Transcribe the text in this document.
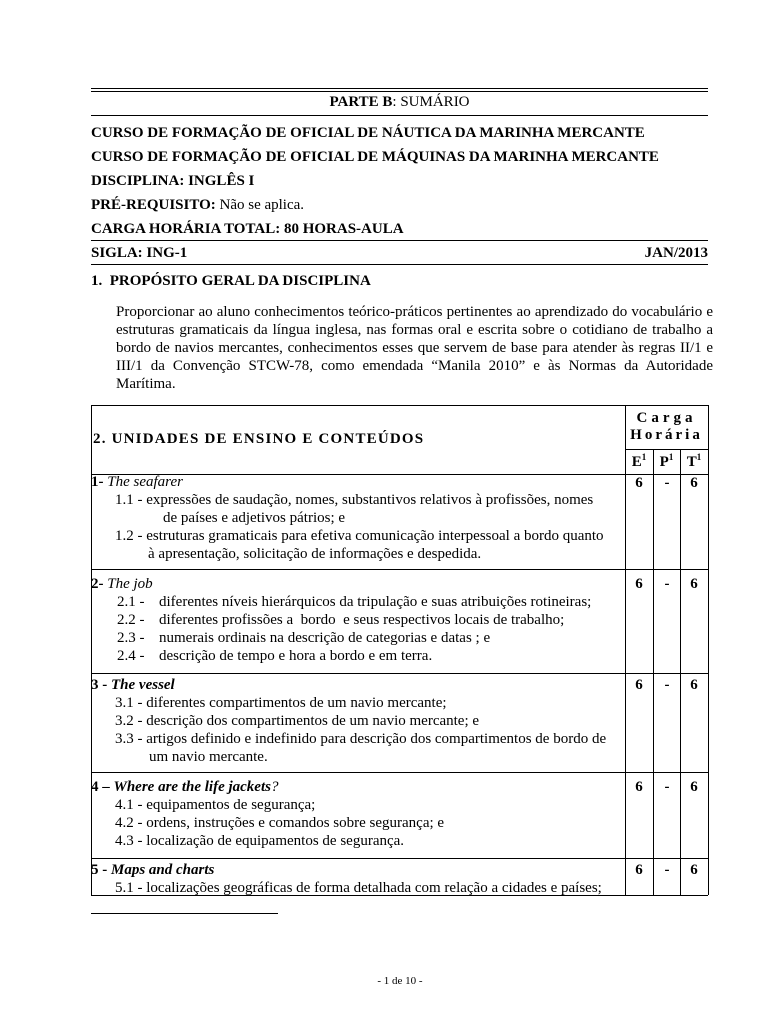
PARTE B: SUMÁRIO
CURSO DE FORMAÇÃO DE OFICIAL DE NÁUTICA DA MARINHA MERCANTE
CURSO DE FORMAÇÃO DE OFICIAL DE MÁQUINAS DA MARINHA MERCANTE
DISCIPLINA: INGLÊS I
PRÉ-REQUISITO: Não se aplica.
CARGA HORÁRIA TOTAL: 80 HORAS-AULA
SIGLA: ING-1	JAN/2013
1.  PROPÓSITO GERAL DA DISCIPLINA
Proporcionar ao aluno conhecimentos teórico-práticos pertinentes ao aprendizado do vocabulário e estruturas gramaticais da língua inglesa, nas formas oral e escrita sobre o cotidiano de trabalho a bordo de navios mercantes, conhecimentos esses que servem de base para atender às regras II/1 e III/1 da Convenção STCW-78, como emendada “Manila 2010” e às Normas da Autoridade Marítima.
2. UNIDADES DE ENSINO E CONTEÚDOS
Carga
Horária
$E^1$ $P^1$ $T^1$
1- The seafarer
1.1 - expressões de saudação, nomes, substantivos relativos à profissões, nomes
de países e adjetivos pátrios; e
1.2 - estruturas gramaticais para efetiva comunicação interpessoal a bordo quanto
à apresentação, solicitação de informações e despedida.
6	-	6
2- The job
2.1 - diferentes níveis hierárquicos da tripulação e suas atribuições rotineiras;
2.2 - diferentes profissões a  bordo  e seus respectivos locais de trabalho;
2.3 - numerais ordinais na descrição de categorias e datas ; e
2.4 - descrição de tempo e hora a bordo e em terra.
6	-	6
3 - The vessel
3.1 - diferentes compartimentos de um navio mercante;
3.2 - descrição dos compartimentos de um navio mercante; e
3.3 - artigos definido e indefinido para descrição dos compartimentos de bordo de
um navio mercante.
6	-	6
4 – Where are the life jackets?
4.1 - equipamentos de segurança;
4.2 - ordens, instruções e comandos sobre segurança; e
4.3 - localização de equipamentos de segurança.
6	-	6
5 - Maps and charts
5.1 - localizações geográficas de forma detalhada com relação a cidades e países;
6	-	6
- 1 de 10 -
